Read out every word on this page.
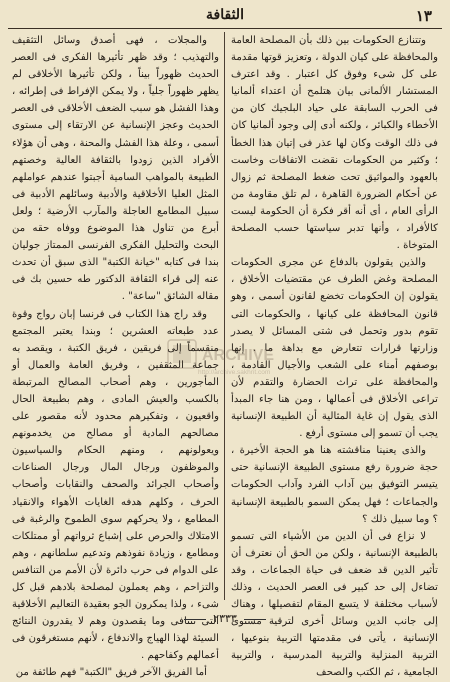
١٣
الثقافة

وتتنازع الحكومات بين ذلك بأن المصلحة العامة والمحافظة على كيان الدولة ، وتعزيز قوتها مقدمة على كل شىء وفوق كل اعتبار . وقد اعترف المستشار الألمانى بيان هتلمح أن اعتداء ألمانيا فى الحرب السابقة على حياد البلجيك كان من الأخطاء والكبائر ، ولكنه أدى إلى وجود ألمانيا كان فى ذلك الوقت وكان لها عذر فى إتيان هذا الخطأ ؛ وكثير من الحكومات نقضت الاتفاقات وخاست بالعهود والمواثيق تحت ضغط المصلحة ثم زوال عن أحكام الضرورة القاهرة ، لم تلق مقاومة من الرأى العام ، أى أنه أقر فكرة أن الحكومة ليست كالأفراد ، وأنها تدبر سياستها حسب المصلحة المتوخاة .

والذين يقولون بالدفاع عن مجرى الحكومات المصلحة وغض الطرف عن مقتضيات الأخلاق ، يقولون إن الحكومات تخضع لقانون أسمى ، وهو قانون المحافظة على كيانها ، والحكومات التى تقوم بدور وتحمل فى شتى المسائل لا يصدر وزارتها قرارات تتعارض مع بداهة ما . إنها بوصفهم أمناء على الشعب والأجيال القادمة ، والمحافظة على تراث الحضارة والتقدم لأن تراعى الأخلاق فى أعمالها ، ومن هنا جاء المبدأ الذى يقول إن غاية المثالية أن الطبيعة الإنسانية يجب أن تسمو إلى مستوى أرفع .

والذى يعنينا مناقشته هنا هو الحجة الأخيرة ، حجة ضرورة رفع مستوى الطبيعة الإنسانية حتى يتيسر التوفيق بين آداب الفرد وآداب الحكومات والجماعات ؛ فهل يمكن السمو بالطبيعة الإنسانية ؟ وما سبيل ذلك ؟

لا نزاع فى أن الدين من الأشياء التى تسمو بالطبيعة الإنسانية ، ولكن من الحق أن نعترف أن تأثير الدين قد ضعف فى حياة الجماعات ، وقد تضاءل إلى حد كبير فى العصر الحديث ، وذلك لأسباب مختلفة لا يتسع المقام لتفصيلها ، وهناك إلى جانب الدين وسائل أخرى لترقية مستوى الإنسانية ، يأتى فى مقدمتها التربية بنوعيها ، التربية المنزلية والتربية المدرسية ، والتربية الجامعية ، ثم الكتب والصحف

والمجلات ، فهى أصدق وسائل التثقيف والتهذيب ؛ وقد ظهر تأثيرها الفكرى فى العصر الحديث ظهوراً بيناً ، ولكن تأثيرها الأخلاقى لم يظهر ظهوراً جلياً ، ولا يمكن الإفراط فى إطرائه ، وهذا الفشل هو سبب الضعف الأخلاقى فى العصر الحديث وعجز الإنسانية عن الارتقاء إلى مستوى أسمى ، وعلة هذا الفشل والمحنة ، وهى أن هؤلاء الأفراد الذين زودوا بالثقافة العالية وخصتهم الطبيعة بالمواهب السامية أجبتوا عندهم عواملهم المثل العليا الأخلاقية والأدبية وسائلهم الأدبية فى سبيل المطامع العاجلة والمآرب الأرضية ؛ ولعل أبرع من تناول هذا الموضوع ووفاه حقه من البحث والتحليل الفكرى الفرنسى الممتاز جوليان بندا فى كتابه "خيانة الكتبة" الذى سبق أن تحدث عنه إلى قراء الثقافة الدكتور طه حسين بك فى مقاله الشائق "ساعة" .

وقد راج هذا الكتاب فى فرنسا إبان رواج وقوة عدد طبعاته العشرين ؛ وبندا يعتبر المجتمع منقسماً إلى فريقين ، فريق الكتبة ، ويقصد به جماعة المثقفين ، وفريق العامة والعمال أو المأجورين ، وهم أصحاب المصالح المرتبطة بالكسب والعيش المادى ، وهم بطبيعة الحال واقعيون ، وتفكيرهم محدود لأنه مقصور على مصالحهم المادية أو مصالح من يخدمونهم ويعولونهم ، ومنهم الحكام والسياسيون والموظفون ورجال المال ورجال الصناعات وأصحاب الجرائد والصحف والنقابات وأصحاب الحرف ، وكلهم هدفه الغايات الأهواء والانقياد المطامع ، ولا يحركهم سوى الطموح والرغبة فى الامتلاك والحرص على إشباع ثرواتهم أو ممتلكات ومطامع ، وزيادة نفوذهم وتدعيم سلطانهم ، وهم على الدوام فى حرب دائرة لأن الأمم من التنافس والتزاحم ، وهم يعملون لمصلحة بلادهم قبل كل شىء ، ولذا يمكرون الجو بعقيدة التعاليم الأخلاقية التى تتنافى وما يقصدون وهم لا يقدرون النتائج السيئة لهذا الهياج والاندفاع ، لأنهم مستغرقون فى أعمالهم وكفاحهم .

أما الفريق الآخر فريق "الكتبة" فهم طائفة من

ARCHIVE
http://archive.sakhrit.com
٢٣٣٣
